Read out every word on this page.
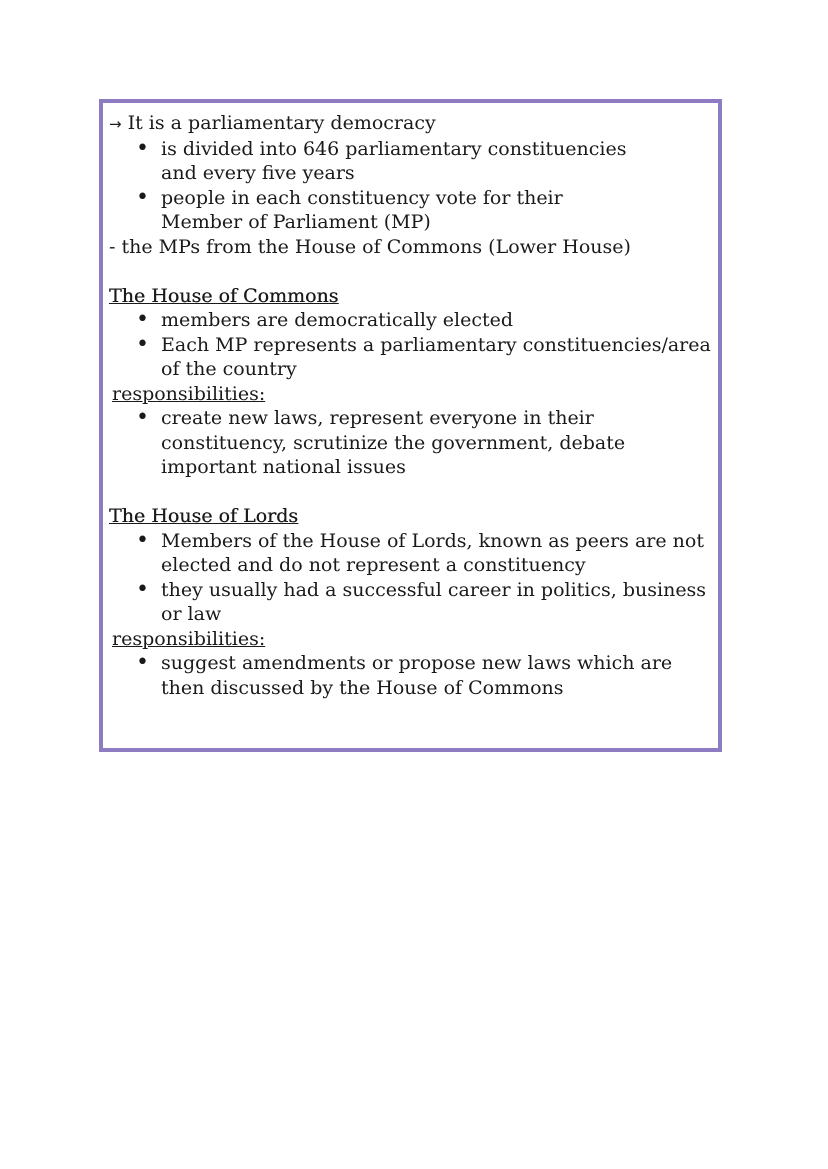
→ It is a parliamentary democracy

• is divided into 646 parliamentary constituencies and every five years
• people in each constituency vote for their Member of Parliament (MP)

- the MPs from the House of Commons (Lower House)

The House of Commons
• members are democratically elected
• Each MP represents a parliamentary constituencies/area of the country

responsibilities:

• create new laws, represent everyone in their constituency, scrutinize the government, debate important national issues
The House of Lords
• Members of the House of Lords, known as peers are not elected and do not represent a constituency
• they usually had a successful career in politics, business or law

responsibilities:

• suggest amendments or propose new laws which are then discussed by the House of Commons
